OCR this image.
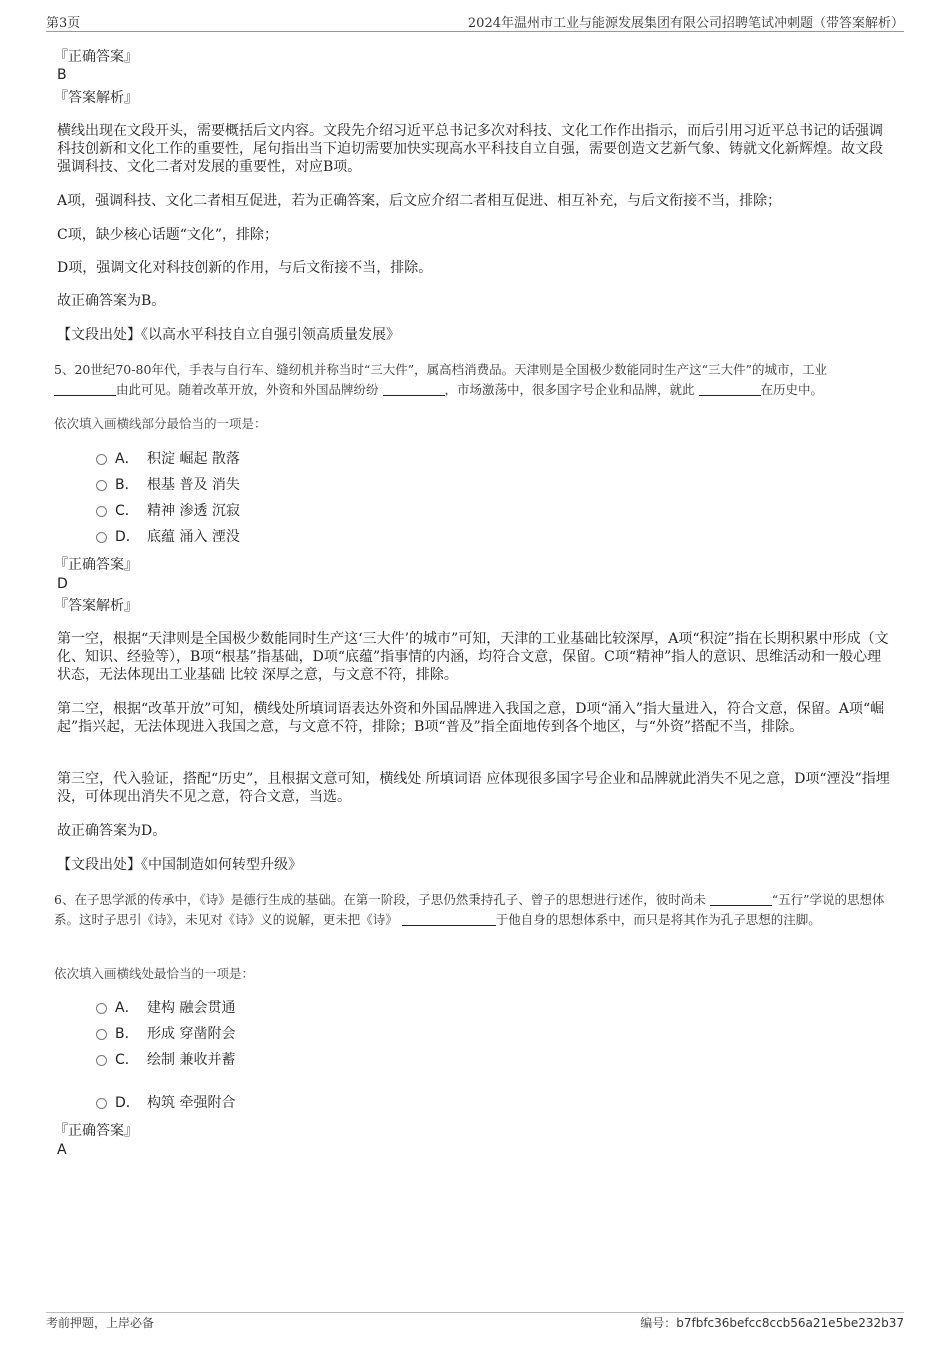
第3页	2024年温州市工业与能源发展集团有限公司招聘笔试冲刺题（带答案解析）
『正确答案』
B
『答案解析』
横线出现在文段开头，需要概括后文内容。文段先介绍习近平总书记多次对科技、文化工作作出指示，而后引用习近平总书记的话强调科技创新和文化工作的重要性，尾句指出当下迫切需要加快实现高水平科技自立自强，需要创造文艺新气象、铸就文化新辉煌。故文段强调科技、文化二者对发展的重要性，对应B项。
A项，强调科技、文化二者相互促进，若为正确答案，后文应介绍二者相互促进、相互补充，与后文衔接不当，排除；
C项，缺少核心话题“文化”，排除；
D项，强调文化对科技创新的作用，与后文衔接不当，排除。
故正确答案为B。
【文段出处】《以高水平科技自立自强引领高质量发展》
5、20世纪70-80年代，手表与自行车、缝纫机并称当时“三大件”，属高档消费品。天津则是全国极少数能同时生产这“三大件”的城市，工业
由此可见。随着改革开放，外资和外国品牌纷纷	，市场激荡中，很多国字号企业和品牌，就此	在历史中。
依次填入画横线部分最恰当的一项是：
A． 积淀 崛起 散落
B． 根基 普及 消失
C． 精神 渗透 沉寂
D． 底蕴 涌入 湮没
『正确答案』
D
『答案解析』
第一空，根据“天津则是全国极少数能同时生产这‘三大件’的城市”可知，天津的工业基础比较深厚，A项“积淀”指在长期积累中形成（文化、知识、经验等），B项“根基”指基础，D项“底蕴”指事情的内涵，均符合文意，保留。C项“精神”指人的意识、思维活动和一般心理状态，无法体现出工业基础 比较 深厚之意，与文意不符，排除。
第二空，根据“改革开放”可知，横线处所填词语表达外资和外国品牌进入我国之意，D项“涌入”指大量进入，符合文意，保留。A项“崛起”指兴起，无法体现进入我国之意，与文意不符，排除；B项“普及”指全面地传到各个地区，与“外资”搭配不当，排除。
第三空，代入验证，搭配“历史”，且根据文意可知，横线处 所填词语 应体现很多国字号企业和品牌就此消失不见之意，D项“湮没”指埋没，可体现出消失不见之意，符合文意，当选。
故正确答案为D。
【文段出处】《中国制造如何转型升级》
6、在子思学派的传承中，《诗》是德行生成的基础。在第一阶段，子思仍然秉持孔子、曾子的思想进行述作，彼时尚未	“五行”学说的思想体系。这时子思引《诗》，未见对《诗》义的说解，更未把《诗》	于他自身的思想体系中，而只是将其作为孔子思想的注脚。
依次填入画横线处最恰当的一项是：
A． 建构 融会贯通
B． 形成 穿凿附会
C． 绘制 兼收并蓄
D． 构筑 牵强附合
『正确答案』
A
考前押题，上岸必备	编号：b7fbfc36befcc8ccb56a21e5be232b37
